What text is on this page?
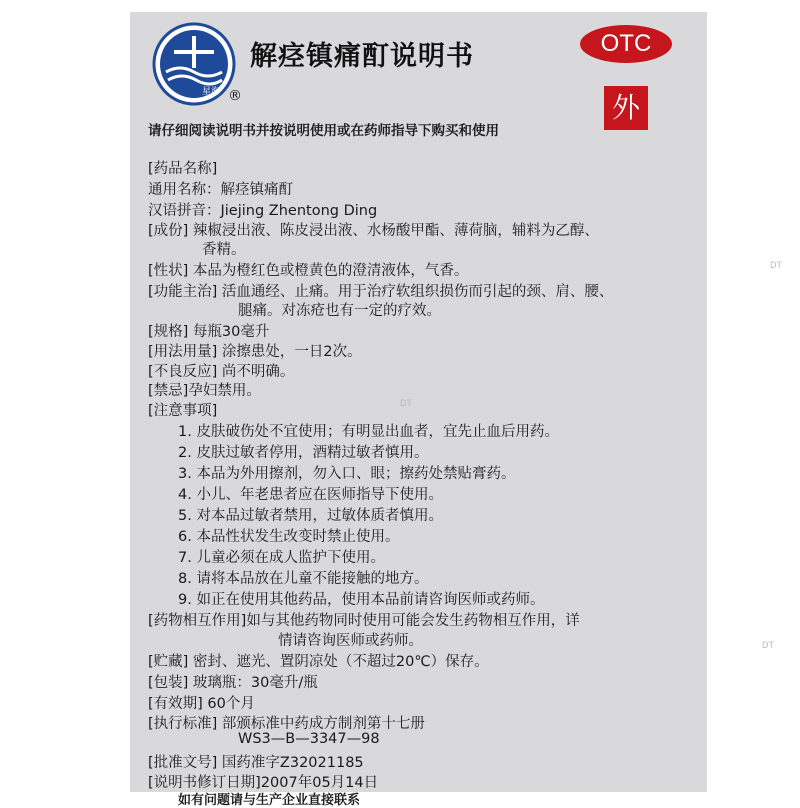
星海 ®
解痉镇痛酊说明书	OTC
外
请仔细阅读说明书并按说明使用或在药师指导下购买和使用
[药品名称]
通用名称：解痉镇痛酊
汉语拼音：Jiejing Zhentong Ding
[成份] 辣椒浸出液、陈皮浸出液、水杨酸甲酯、薄荷脑，辅料为乙醇、
香精。
[性状] 本品为橙红色或橙黄色的澄清液体，气香。
[功能主治] 活血通经、止痛。用于治疗软组织损伤而引起的颈、肩、腰、
腿痛。对冻疮也有一定的疗效。
[规格] 每瓶30毫升
[用法用量] 涂擦患处，一日2次。
[不良反应] 尚不明确。
[禁忌]孕妇禁用。
[注意事项]
1. 皮肤破伤处不宜使用；有明显出血者，宜先止血后用药。
2. 皮肤过敏者停用，酒精过敏者慎用。
3. 本品为外用擦剂，勿入口、眼；擦药处禁贴膏药。
4. 小儿、年老患者应在医师指导下使用。
5. 对本品过敏者禁用，过敏体质者慎用。
6. 本品性状发生改变时禁止使用。
7. 儿童必须在成人监护下使用。
8. 请将本品放在儿童不能接触的地方。
9. 如正在使用其他药品，使用本品前请咨询医师或药师。
[药物相互作用]如与其他药物同时使用可能会发生药物相互作用，详
情请咨询医师或药师。
[贮藏] 密封、遮光、置阴凉处（不超过20℃）保存。
[包装] 玻璃瓶：30毫升/瓶
[有效期] 60个月
[执行标准] 部颁标准中药成方制剂第十七册
WS3—B—3347—98
[批准文号] 国药准字Z32021185
[说明书修订日期]2007年05月14日
如有问题请与生产企业直接联系
DT
DT
DT
